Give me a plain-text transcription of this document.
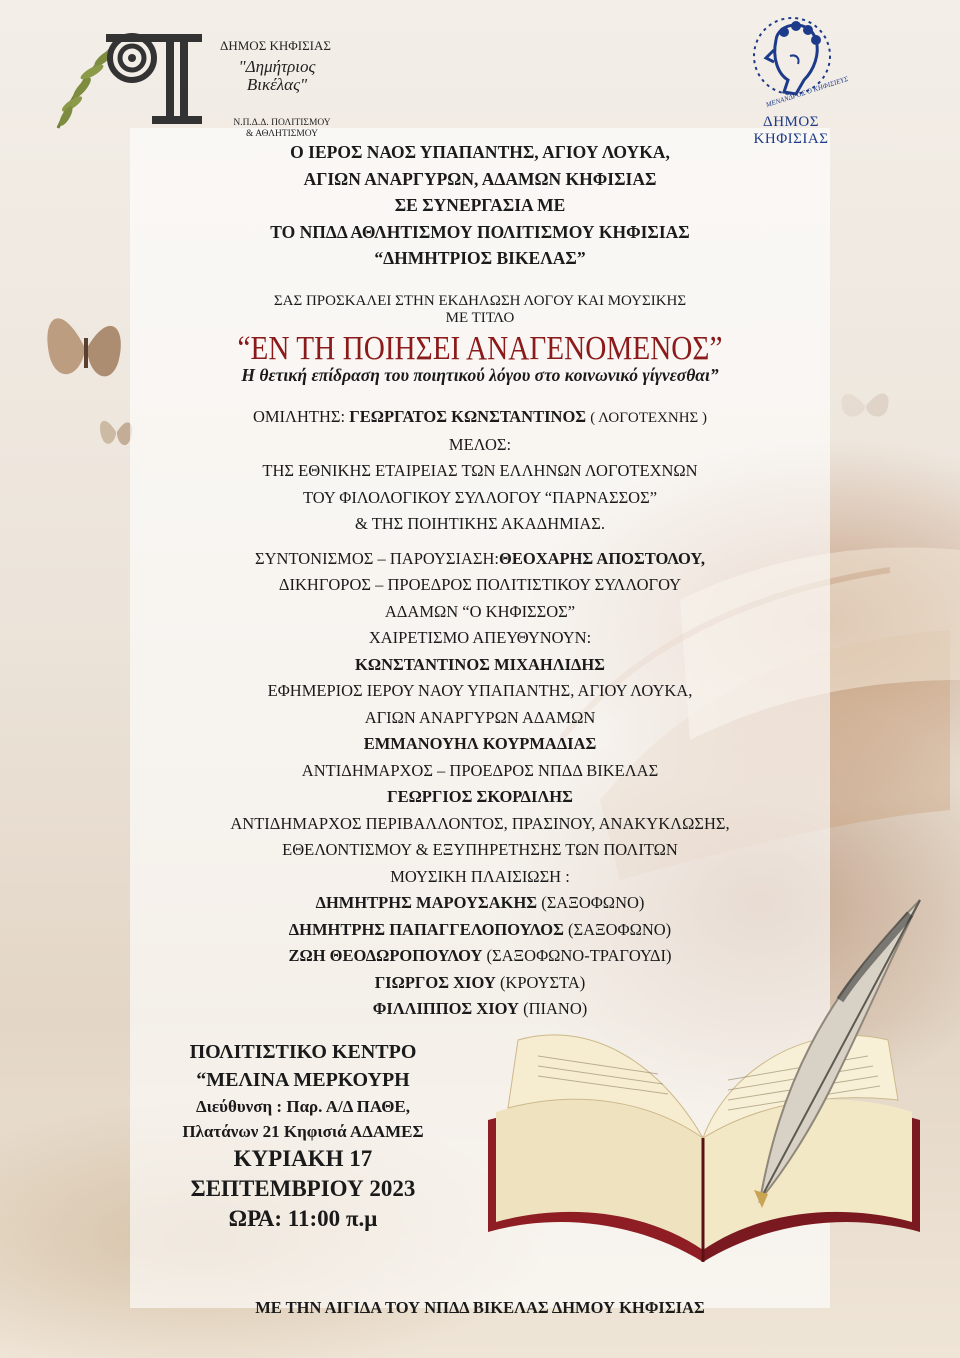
ΔΗΜΟΣ ΚΗΦΙΣΙΑΣ
"Δημήτριος Βικέλας"
Ν.Π.Δ.Δ. ΠΟΛΙΤΙΣΜΟΥ & ΑΘΛΗΤΙΣΜΟΥ
ΜΕΝΑΝΔΡΟΣ Ο ΚΗΦΙΣΙΕΥΣ
ΔΗΜΟΣ ΚΗΦΙΣΙΑΣ
Ο ΙΕΡΟΣ ΝΑΟΣ ΥΠΑΠΑΝΤΗΣ, ΑΓΙΟΥ ΛΟΥΚΑ,
ΑΓΙΩΝ ΑΝΑΡΓΥΡΩΝ, ΑΔΑΜΩΝ ΚΗΦΙΣΙΑΣ
ΣΕ ΣΥΝΕΡΓΑΣΙΑ ΜΕ
ΤΟ ΝΠΔΔ ΑΘΛΗΤΙΣΜΟΥ ΠΟΛΙΤΙΣΜΟΥ ΚΗΦΙΣΙΑΣ
“ΔΗΜΗΤΡΙΟΣ ΒΙΚΕΛΑΣ”
ΣΑΣ ΠΡΟΣΚΑΛΕΙ ΣΤΗΝ ΕΚΔΗΛΩΣΗ ΛΟΓΟΥ ΚΑΙ ΜΟΥΣΙΚΗΣ
ΜΕ ΤΙΤΛΟ
“ΕΝ ΤΗ ΠΟΙΗΣΕΙ ΑΝΑΓΕΝΟΜΕΝΟΣ”
Η θετική επίδραση του ποιητικού λόγου στο κοινωνικό γίγνεσθαι”
ΟΜΙΛΗΤΗΣ: ΓΕΩΡΓΑΤΟΣ ΚΩΝΣΤΑΝΤΙΝΟΣ ( ΛΟΓΟΤΕΧΝΗΣ )
ΜΕΛΟΣ:
ΤΗΣ ΕΘΝΙΚΗΣ ΕΤΑΙΡΕΙΑΣ ΤΩΝ ΕΛΛΗΝΩΝ ΛΟΓΟΤΕΧΝΩΝ
ΤΟΥ ΦΙΛΟΛΟΓΙΚΟΥ ΣΥΛΛΟΓΟΥ “ΠΑΡΝΑΣΣΟΣ”
& ΤΗΣ ΠΟΙΗΤΙΚΗΣ ΑΚΑΔΗΜΙΑΣ.
ΣΥΝΤΟΝΙΣΜΟΣ – ΠΑΡΟΥΣΙΑΣΗ:ΘΕΟΧΑΡΗΣ ΑΠΟΣΤΟΛΟΥ,
ΔΙΚΗΓΟΡΟΣ – ΠΡΟΕΔΡΟΣ ΠΟΛΙΤΙΣΤΙΚΟΥ ΣΥΛΛΟΓΟΥ
ΑΔΑΜΩΝ “Ο ΚΗΦΙΣΣΟΣ”
ΧΑΙΡΕΤΙΣΜΟ ΑΠΕΥΘΥΝΟΥΝ:
ΚΩΝΣΤΑΝΤΙΝΟΣ ΜΙΧΑΗΛΙΔΗΣ
ΕΦΗΜΕΡΙΟΣ ΙΕΡΟΥ ΝΑΟΥ ΥΠΑΠΑΝΤΗΣ, ΑΓΙΟΥ ΛΟΥΚΑ,
ΑΓΙΩΝ ΑΝΑΡΓΥΡΩΝ ΑΔΑΜΩΝ
ΕΜΜΑΝΟΥΗΛ ΚΟΥΡΜΑΔΙΑΣ
ΑΝΤΙΔΗΜΑΡΧΟΣ – ΠΡΟΕΔΡΟΣ ΝΠΔΔ ΒΙΚΕΛΑΣ
ΓΕΩΡΓΙΟΣ ΣΚΟΡΔΙΛΗΣ
ΑΝΤΙΔΗΜΑΡΧΟΣ ΠΕΡΙΒΑΛΛΟΝΤΟΣ, ΠΡΑΣΙΝΟΥ, ΑΝΑΚΥΚΛΩΣΗΣ,
ΕΘΕΛΟΝΤΙΣΜΟΥ & ΕΞΥΠΗΡΕΤΗΣΗΣ ΤΩΝ ΠΟΛΙΤΩΝ
ΜΟΥΣΙΚΗ ΠΛΑΙΣΙΩΣΗ :
ΔΗΜΗΤΡΗΣ ΜΑΡΟΥΣΑΚΗΣ (ΣΑΞΟΦΩΝΟ)
ΔΗΜΗΤΡΗΣ ΠΑΠΑΓΓΕΛΟΠΟΥΛΟΣ (ΣΑΞΟΦΩΝΟ)
ΖΩΗ ΘΕΟΔΩΡΟΠΟΥΛΟΥ (ΣΑΞΟΦΩΝΟ-ΤΡΑΓΟΥΔΙ)
ΓΙΩΡΓΟΣ ΧΙΟΥ (ΚΡΟΥΣΤΑ)
ΦΙΛΛΙΠΠΟΣ ΧΙΟΥ (ΠΙΑΝΟ)
ΠΟΛΙΤΙΣΤΙΚΟ ΚΕΝΤΡΟ
“ΜΕΛΙΝΑ ΜΕΡΚΟΥΡΗ
Διεύθυνση : Παρ. Α/Δ ΠΑΘΕ,
Πλατάνων 21 Κηφισιά ΑΔΑΜΕΣ
ΚΥΡΙΑΚΗ 17
ΣΕΠΤΕΜΒΡΙΟΥ 2023
ΩΡΑ: 11:00 π.μ
ΜΕ ΤΗΝ ΑΙΓΙΔΑ ΤΟΥ ΝΠΔΔ ΒΙΚΕΛΑΣ ΔΗΜΟΥ ΚΗΦΙΣΙΑΣ
